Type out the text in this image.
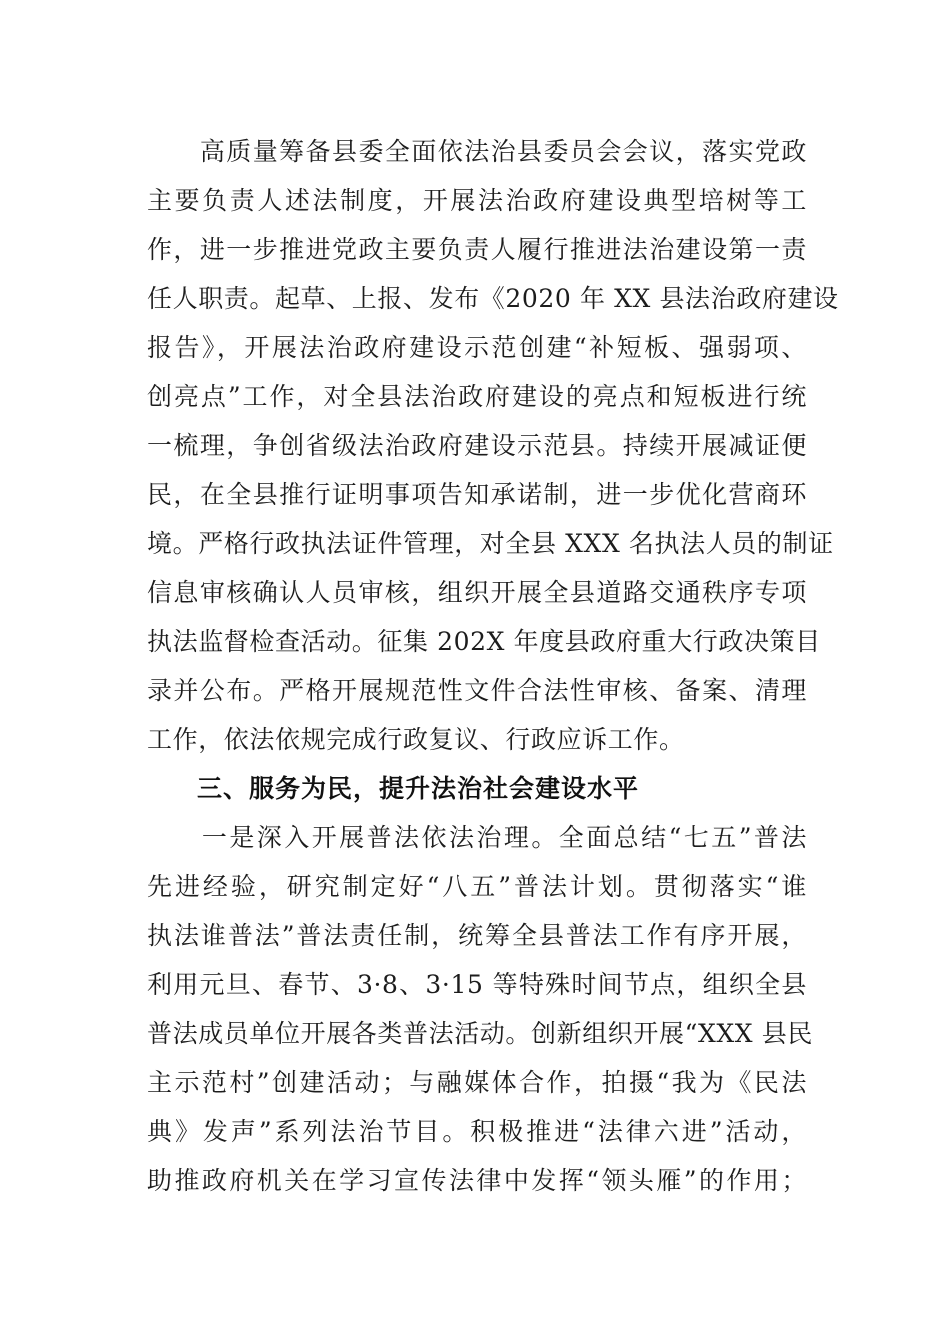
　　高质量筹备县委全面依法治县委员会会议，落实党政
主要负责人述法制度，开展法治政府建设典型培树等工
作，进一步推进党政主要负责人履行推进法治建设第一责
任人职责。起草、上报、发布《2020 年 XX 县法治政府建设
报告》，开展法治政府建设示范创建“补短板、强弱项、
创亮点”工作，对全县法治政府建设的亮点和短板进行统
一梳理，争创省级法治政府建设示范县。持续开展减证便
民，在全县推行证明事项告知承诺制，进一步优化营商环
境。严格行政执法证件管理，对全县 XXX 名执法人员的制证
信息审核确认人员审核，组织开展全县道路交通秩序专项
执法监督检查活动。征集 202X 年度县政府重大行政决策目
录并公布。严格开展规范性文件合法性审核、备案、清理
工作，依法依规完成行政复议、行政应诉工作。
三、服务为民，提升法治社会建设水平
　　一是深入开展普法依法治理。全面总结“七五”普法
先进经验，研究制定好“八五”普法计划。贯彻落实“谁
执法谁普法”普法责任制，统筹全县普法工作有序开展，
利用元旦、春节、3·8、3·15 等特殊时间节点，组织全县
普法成员单位开展各类普法活动。创新组织开展“XXX 县民
主示范村”创建活动；与融媒体合作，拍摄“我为《民法
典》发声”系列法治节目。积极推进“法律六进”活动，
助推政府机关在学习宣传法律中发挥“领头雁”的作用；
